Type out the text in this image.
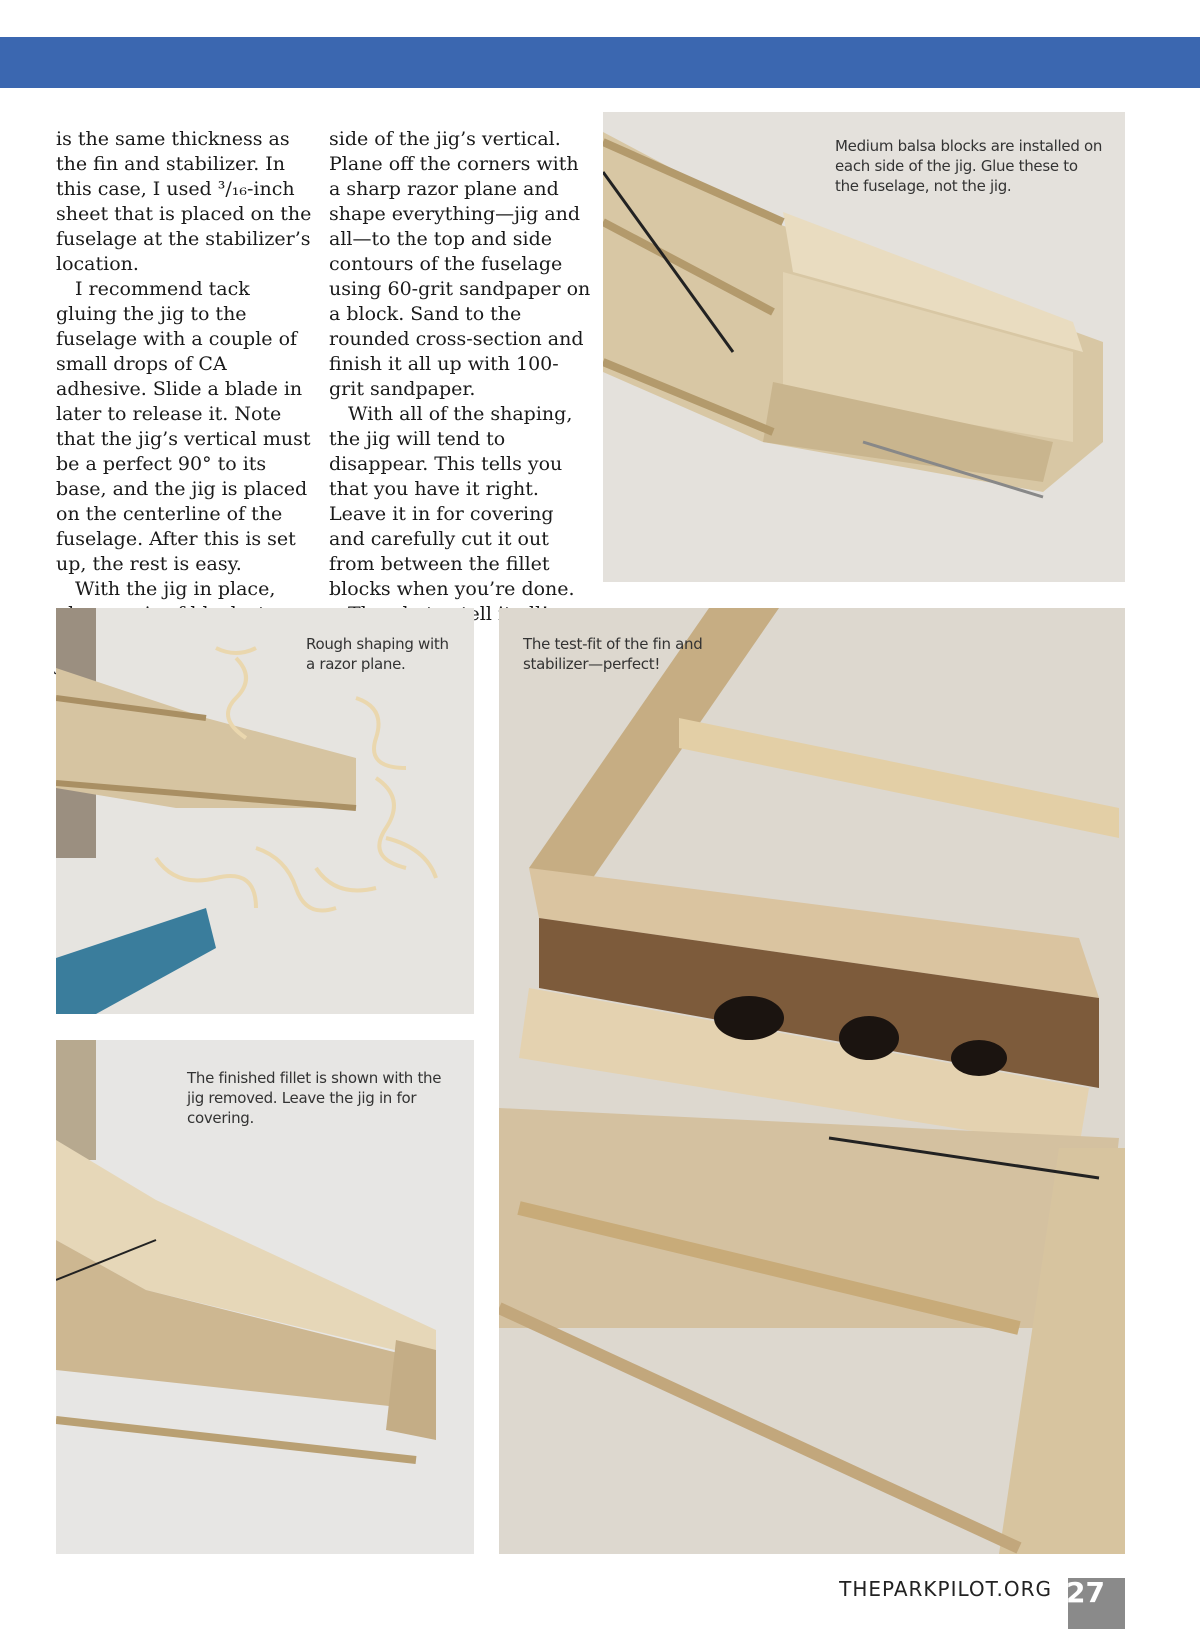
is the same thickness as the fin and stabilizer. In this case, I used ³/₁₆-inch sheet that is placed on the fuselage at the stabilizer’s location.

I recommend tack gluing the jig to the fuselage with a couple of small drops of CA adhesive. Slide a blade in later to release it. Note that the jig’s vertical must be a perfect 90° to its base, and the jig is placed on the centerline of the fuselage. After this is set up, the rest is easy.

With the jig in place,

side of the jig’s vertical. Plane off the corners with a sharp razor plane and shape everything—jig and all—to the top and side contours of the fuselage using 60-grit sandpaper on a block. Sand to the rounded cross-section and finish it all up with 100-grit sandpaper.

With all of the shaping, the jig will tend to disappear. This tells you that you have it right. Leave it in for covering and carefully cut it out from between the fillet blocks when you’re done.

tell

Medium balsa blocks are installed on each side of the jig. Glue these to the fuselage, not the jig.
Rough shaping with a razor plane.
The finished fillet is shown with the jig removed. Leave the jig in for covering.
The test-fit of the fin and stabilizer—perfect!
THEPARKPILOT.ORG 27
